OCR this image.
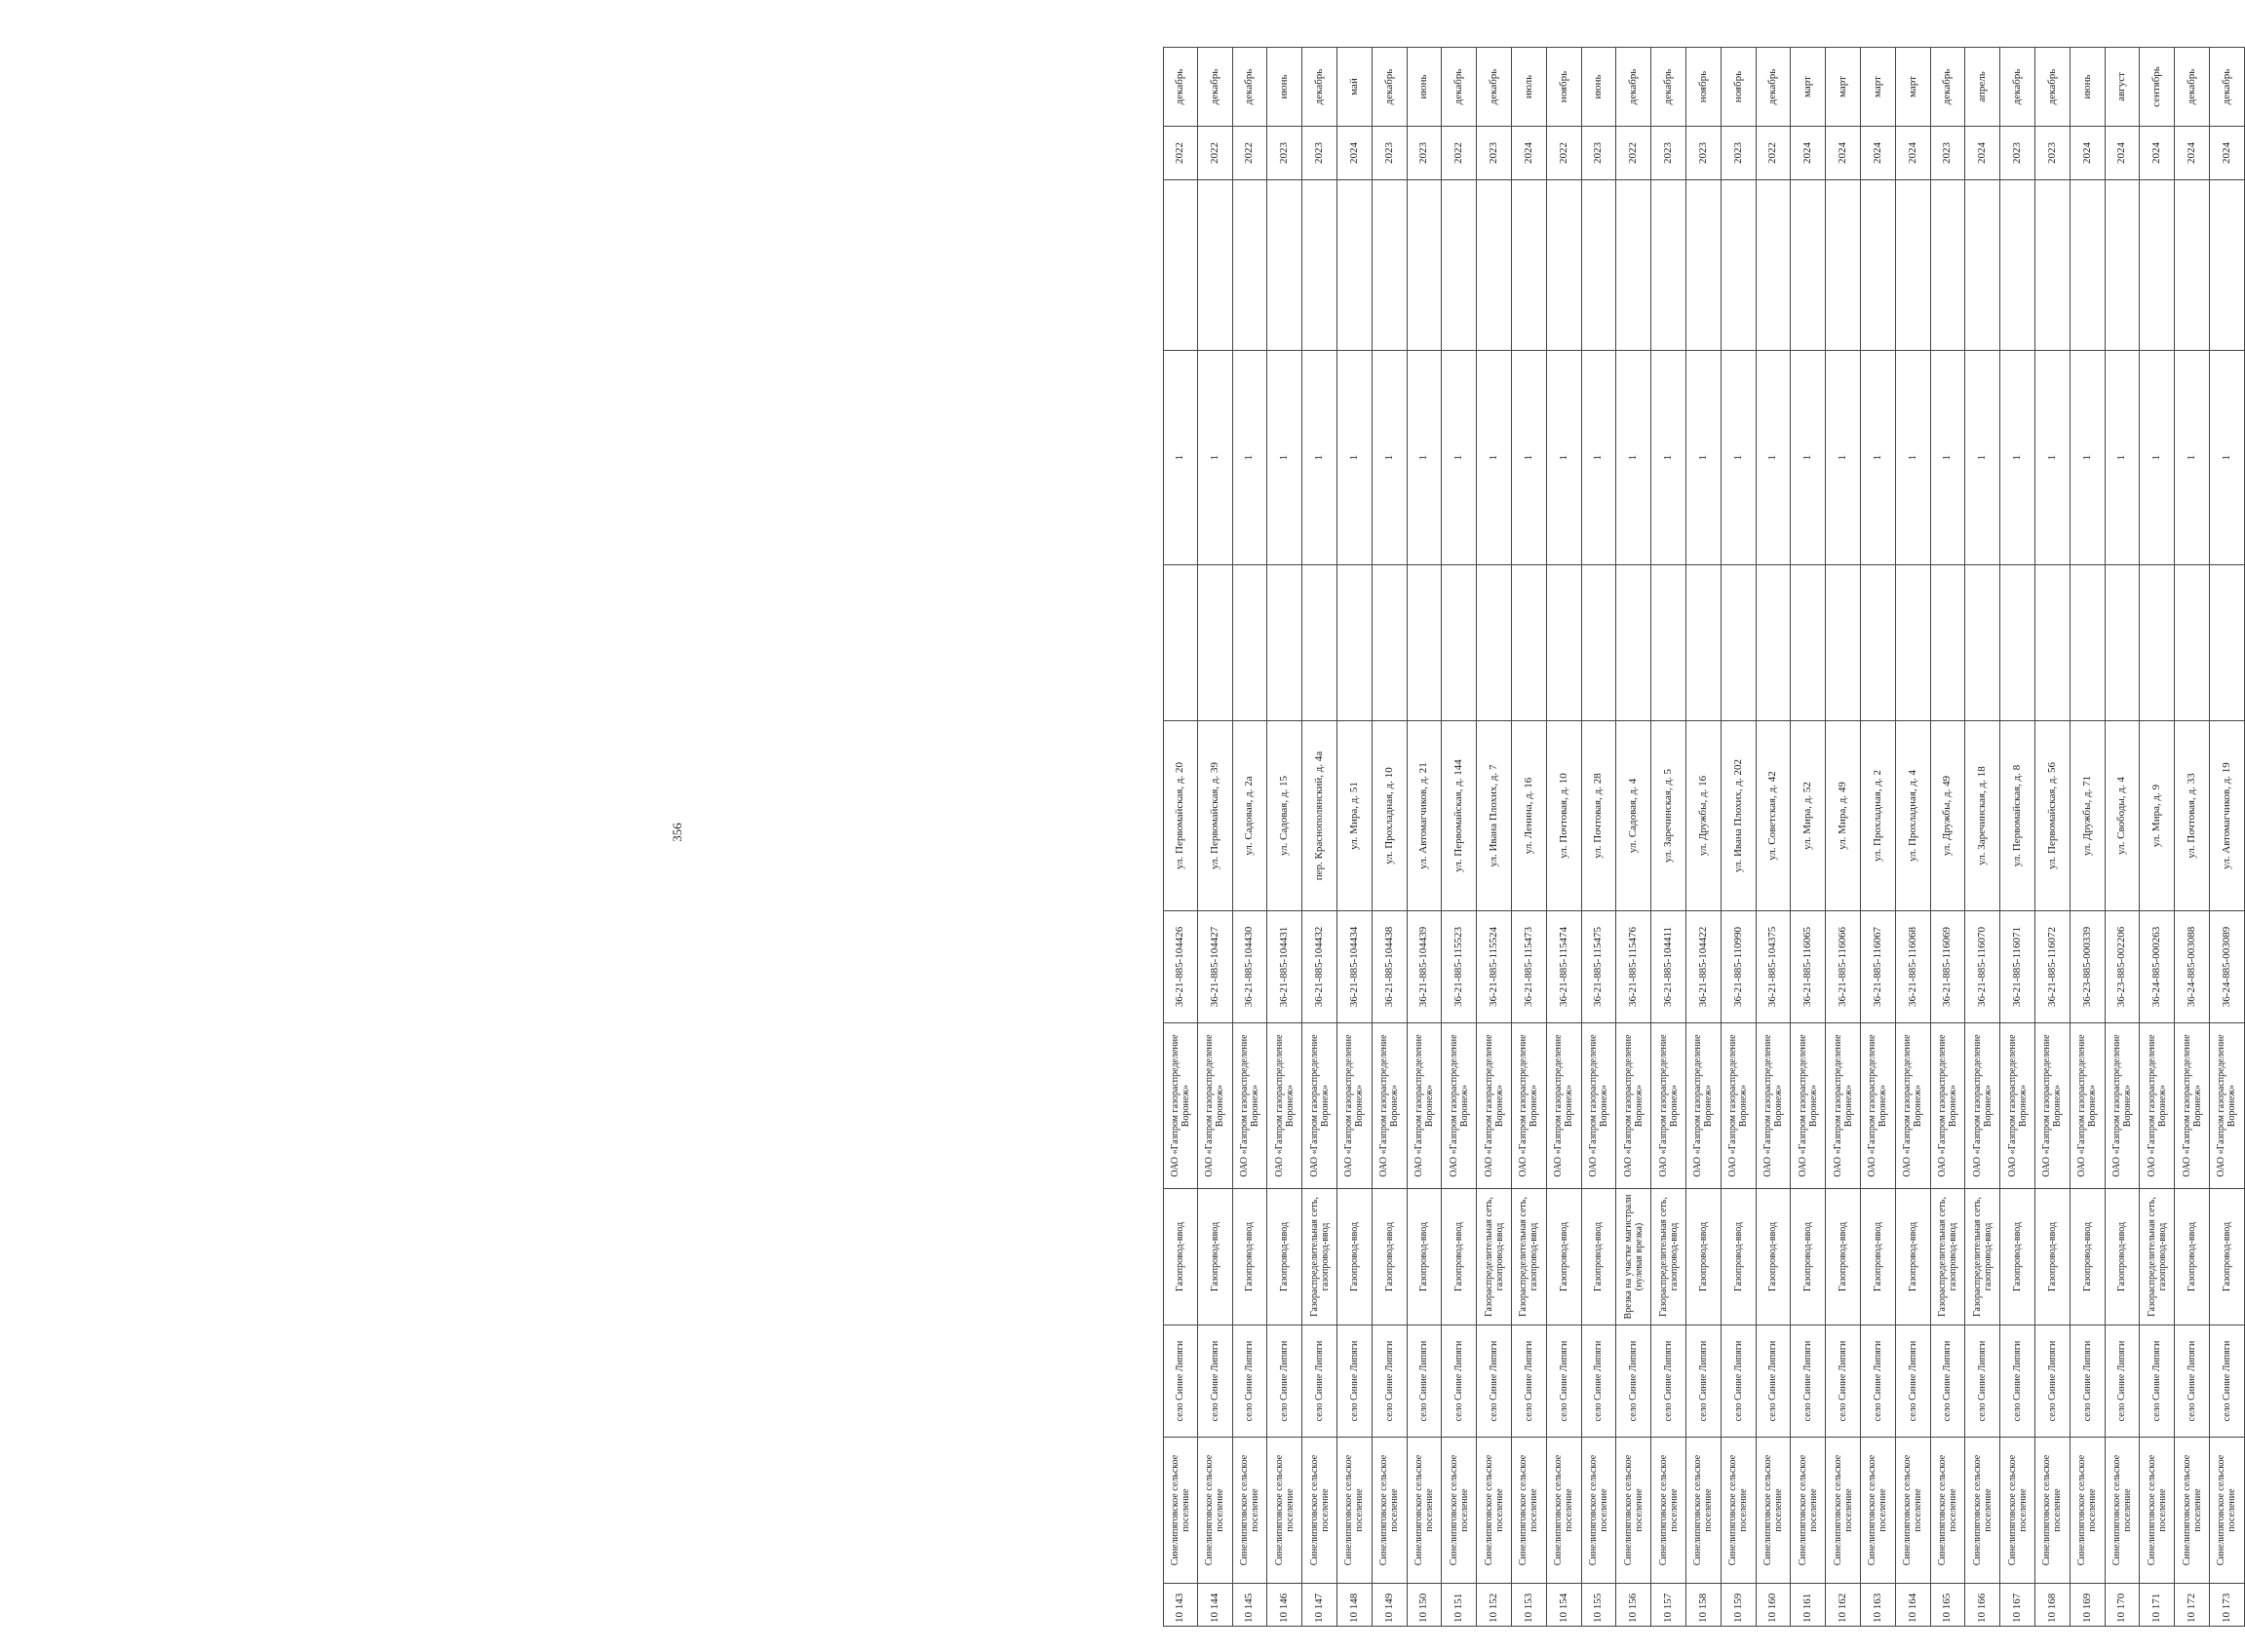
356
10 143
Синелипяговское сельское поселение
село Синие Липяги
Газопровод-ввод
ОАО «Газпром газораспределение Воронеж»
36-21-885-104426
ул. Первомайская, д. 20
1
2022
декабрь
10 144
Синелипяговское сельское поселение
село Синие Липяги
Газопровод-ввод
ОАО «Газпром газораспределение Воронеж»
36-21-885-104427
ул. Первомайская, д. 39
1
2022
декабрь
10 145
Синелипяговское сельское поселение
село Синие Липяги
Газопровод-ввод
ОАО «Газпром газораспределение Воронеж»
36-21-885-104430
ул. Садовая, д. 2а
1
2022
декабрь
10 146
Синелипяговское сельское поселение
село Синие Липяги
Газопровод-ввод
ОАО «Газпром газораспределение Воронеж»
36-21-885-104431
ул. Садовая, д. 15
1
2023
июнь
10 147
Синелипяговское сельское поселение
село Синие Липяги
Газораспределительная сеть, газопровод-ввод
ОАО «Газпром газораспределение Воронеж»
36-21-885-104432
пер. Краснополянский, д. 4а
1
2023
декабрь
10 148
Синелипяговское сельское поселение
село Синие Липяги
Газопровод-ввод
ОАО «Газпром газораспределение Воронеж»
36-21-885-104434
ул. Мира, д. 51
1
2024
май
10 149
Синелипяговское сельское поселение
село Синие Липяги
Газопровод-ввод
ОАО «Газпром газораспределение Воронеж»
36-21-885-104438
ул. Прохладная, д. 10
1
2023
декабрь
10 150
Синелипяговское сельское поселение
село Синие Липяги
Газопровод-ввод
ОАО «Газпром газораспределение Воронеж»
36-21-885-104439
ул. Автомагчиков, д. 21
1
2023
июнь
10 151
Синелипяговское сельское поселение
село Синие Липяги
Газопровод-ввод
ОАО «Газпром газораспределение Воронеж»
36-21-885-115523
ул. Первомайская, д. 144
1
2022
декабрь
10 152
Синелипяговское сельское поселение
село Синие Липяги
Газораспределительная сеть, газопровод-ввод
ОАО «Газпром газораспределение Воронеж»
36-21-885-115524
ул. Ивана Плохих, д. 7
1
2023
декабрь
10 153
Синелипяговское сельское поселение
село Синие Липяги
Газораспределительная сеть, газопровод-ввод
ОАО «Газпром газораспределение Воронеж»
36-21-885-115473
ул. Ленина, д. 16
1
2024
июль
10 154
Синелипяговское сельское поселение
село Синие Липяги
Газопровод-ввод
ОАО «Газпром газораспределение Воронеж»
36-21-885-115474
ул. Почтовая, д. 10
1
2022
ноябрь
10 155
Синелипяговское сельское поселение
село Синие Липяги
Газопровод-ввод
ОАО «Газпром газораспределение Воронеж»
36-21-885-115475
ул. Почтовая, д. 28
1
2023
июнь
10 156
Синелипяговское сельское поселение
село Синие Липяги
Врезка на участке магистрали (нулевая врезка)
ОАО «Газпром газораспределение Воронеж»
36-21-885-115476
ул. Садовая, д. 4
1
2022
декабрь
10 157
Синелипяговское сельское поселение
село Синие Липяги
Газораспределительная сеть, газопровод-ввод
ОАО «Газпром газораспределение Воронеж»
36-21-885-104411
ул. Заречинская, д. 5
1
2023
декабрь
10 158
Синелипяговское сельское поселение
село Синие Липяги
Газопровод-ввод
ОАО «Газпром газораспределение Воронеж»
36-21-885-104422
ул. Дружбы, д. 16
1
2023
ноябрь
10 159
Синелипяговское сельское поселение
село Синие Липяги
Газопровод-ввод
ОАО «Газпром газораспределение Воронеж»
36-21-885-110990
ул. Ивана Плохих, д. 202
1
2023
ноябрь
10 160
Синелипяговское сельское поселение
село Синие Липяги
Газопровод-ввод
ОАО «Газпром газораспределение Воронеж»
36-21-885-104375
ул. Советская, д. 42
1
2022
декабрь
10 161
Синелипяговское сельское поселение
село Синие Липяги
Газопровод-ввод
ОАО «Газпром газораспределение Воронеж»
36-21-885-116065
ул. Мира, д. 52
1
2024
март
10 162
Синелипяговское сельское поселение
село Синие Липяги
Газопровод-ввод
ОАО «Газпром газораспределение Воронеж»
36-21-885-116066
ул. Мира, д. 49
1
2024
март
10 163
Синелипяговское сельское поселение
село Синие Липяги
Газопровод-ввод
ОАО «Газпром газораспределение Воронеж»
36-21-885-116067
ул. Прохладная, д. 2
1
2024
март
10 164
Синелипяговское сельское поселение
село Синие Липяги
Газопровод-ввод
ОАО «Газпром газораспределение Воронеж»
36-21-885-116068
ул. Прохладная, д. 4
1
2024
март
10 165
Синелипяговское сельское поселение
село Синие Липяги
Газораспределительная сеть, газопровод-ввод
ОАО «Газпром газораспределение Воронеж»
36-21-885-116069
ул. Дружбы, д. 49
1
2023
декабрь
10 166
Синелипяговское сельское поселение
село Синие Липяги
Газораспределительная сеть, газопровод-ввод
ОАО «Газпром газораспределение Воронеж»
36-21-885-116070
ул. Заречинская, д. 18
1
2024
апрель
10 167
Синелипяговское сельское поселение
село Синие Липяги
Газопровод-ввод
ОАО «Газпром газораспределение Воронеж»
36-21-885-116071
ул. Первомайская, д. 8
1
2023
декабрь
10 168
Синелипяговское сельское поселение
село Синие Липяги
Газопровод-ввод
ОАО «Газпром газораспределение Воронеж»
36-21-885-116072
ул. Первомайская, д. 56
1
2023
декабрь
10 169
Синелипяговское сельское поселение
село Синие Липяги
Газопровод-ввод
ОАО «Газпром газораспределение Воронеж»
36-23-885-000339
ул. Дружбы, д. 71
1
2024
июнь
10 170
Синелипяговское сельское поселение
село Синие Липяги
Газопровод-ввод
ОАО «Газпром газораспределение Воронеж»
36-23-885-002206
ул. Свободы, д. 4
1
2024
август
10 171
Синелипяговское сельское поселение
село Синие Липяги
Газораспределительная сеть, газопровод-ввод
ОАО «Газпром газораспределение Воронеж»
36-24-885-000263
ул. Мира, д. 9
1
2024
сентябрь
10 172
Синелипяговское сельское поселение
село Синие Липяги
Газопровод-ввод
ОАО «Газпром газораспределение Воронеж»
36-24-885-003088
ул. Почтовая, д. 33
1
2024
декабрь
10 173
Синелипяговское сельское поселение
село Синие Липяги
Газопровод-ввод
ОАО «Газпром газораспределение Воронеж»
36-24-885-003089
ул. Автомагчиков, д. 19
1
2024
декабрь
